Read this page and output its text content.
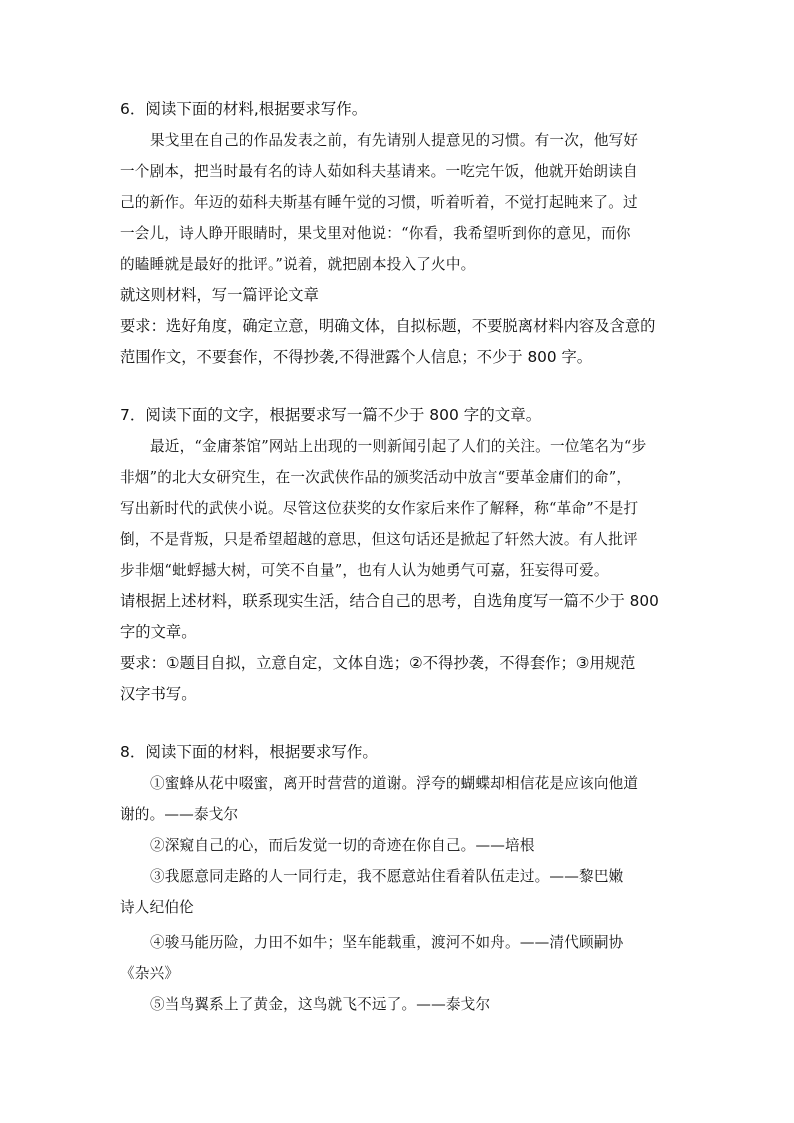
6．阅读下面的材料,根据要求写作。
果戈里在自己的作品发表之前，有先请别人提意见的习惯。有一次，他写好
一个剧本，把当时最有名的诗人茹如科夫基请来。一吃完午饭，他就开始朗读自
己的新作。年迈的茹科夫斯基有睡午觉的习惯，听着听着，不觉打起盹来了。过
一会儿，诗人睁开眼睛时，果戈里对他说：“你看，我希望听到你的意见，而你
的瞌睡就是最好的批评。”说着，就把剧本投入了火中。
就这则材料，写一篇评论文章
要求：选好角度，确定立意，明确文体，自拟标题，不要脱离材料内容及含意的
范围作文，不要套作，不得抄袭,不得泄露个人信息；不少于 800 字。
7．阅读下面的文字，根据要求写一篇不少于 800 字的文章。
最近，“金庸茶馆”网站上出现的一则新闻引起了人们的关注。一位笔名为“步
非烟”的北大女研究生，在一次武侠作品的颁奖活动中放言“要革金庸们的命”，
写出新时代的武侠小说。尽管这位获奖的女作家后来作了解释，称“革命”不是打
倒，不是背叛，只是希望超越的意思，但这句话还是掀起了轩然大波。有人批评
步非烟“蚍蜉撼大树，可笑不自量”，也有人认为她勇气可嘉，狂妄得可爱。
请根据上述材料，联系现实生活，结合自己的思考，自选角度写一篇不少于 800
字的文章。
要求：①题目自拟，立意自定，文体自选；②不得抄袭，不得套作；③用规范
汉字书写。
8．阅读下面的材料，根据要求写作。
①蜜蜂从花中啜蜜，离开时营营的道谢。浮夸的蝴蝶却相信花是应该向他道
谢的。——泰戈尔
②深窥自己的心，而后发觉一切的奇迹在你自己。——培根
③我愿意同走路的人一同行走，我不愿意站住看着队伍走过。——黎巴嫩
诗人纪伯伦
④骏马能历险，力田不如牛；坚车能载重，渡河不如舟。——清代顾嗣协
《杂兴》
⑤当鸟翼系上了黄金，这鸟就飞不远了。——泰戈尔
